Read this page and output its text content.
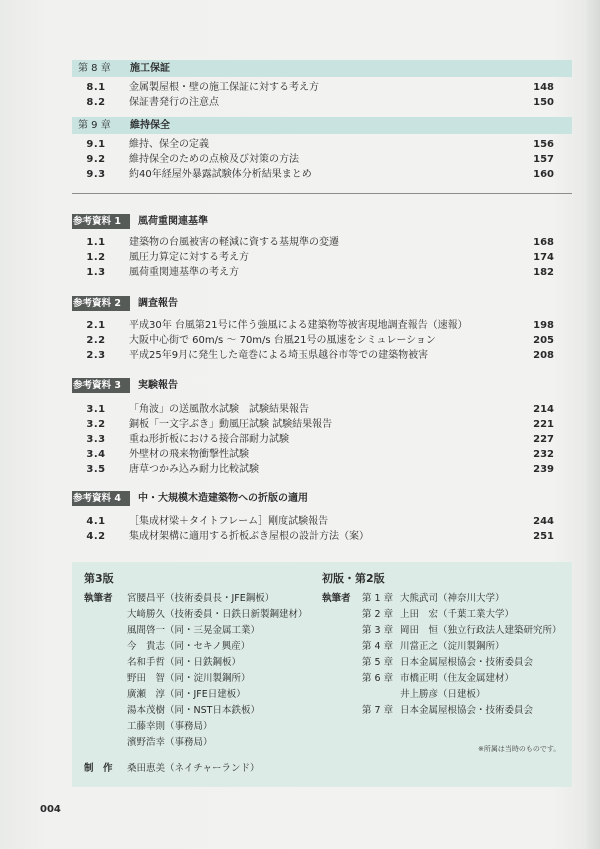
第 8 章 施工保証
8.1	金属製屋根・壁の施工保証に対する考え方	148
8.2	保証書発行の注意点	150
第 9 章 維持保全
9.1	維持、保全の定義	156
9.2	維持保全のための点検及び対策の方法	157
9.3	約40年経屋外暴露試験体分析結果まとめ	160
参考資料 1 風荷重関連基準
1.1	建築物の台風被害の軽減に資する基規準の変遷	168
1.2	風圧力算定に対する考え方	174
1.3	風荷重関連基準の考え方	182
参考資料 2 調査報告
2.1	平成30年 台風第21号に伴う強風による建築物等被害現地調査報告（速報）	198
2.2	大阪中心街で 60m/s ～ 70m/s 台風21号の風速をシミュレーション	205
2.3	平成25年9月に発生した竜巻による埼玉県越谷市等での建築物被害	208
参考資料 3 実験報告
3.1	「角波」の送風散水試験　試験結果報告	214
3.2	銅板「一文字ぶき」動風圧試験 試験結果報告	221
3.3	重ね形折板における接合部耐力試験	227
3.4	外壁材の飛来物衝撃性試験	232
3.5	唐草つかみ込み耐力比較試験	239
参考資料 4 中・大規模木造建築物への折版の適用
4.1	［集成材梁＋タイトフレーム］剛度試験報告	244
4.2	集成材架構に適用する折板ぶき屋根の設計方法（案）	251
第3版
執筆者 宮腰昌平（技術委員長・JFE鋼板）
大﨑勝久（技術委員・日鉄日新製鋼建材）
風間啓一（同・三晃金属工業）
今　貴志（同・セキノ興産）
名和手哲（同・日鉄鋼板）
野田　智（同・淀川製鋼所）
廣瀬　淳（同・JFE日建板）
湯本茂樹（同・NST日本鉄板）
工藤幸則（事務局）
濱野浩幸（事務局）
制　作 桑田恵美（ネイチャーランド）
初版・第2版
執筆者 第 1 章 大熊武司（神奈川大学）
第 2 章 上田　宏（千葉工業大学）
第 3 章 岡田　恒（独立行政法人建築研究所）
第 4 章 川當正之（淀川製鋼所）
第 5 章 日本金属屋根協会・技術委員会
第 6 章 市橋正明（住友金属建材）
井上勝彦（日建板）
第 7 章 日本金属屋根協会・技術委員会
※所属は当時のものです。
004
